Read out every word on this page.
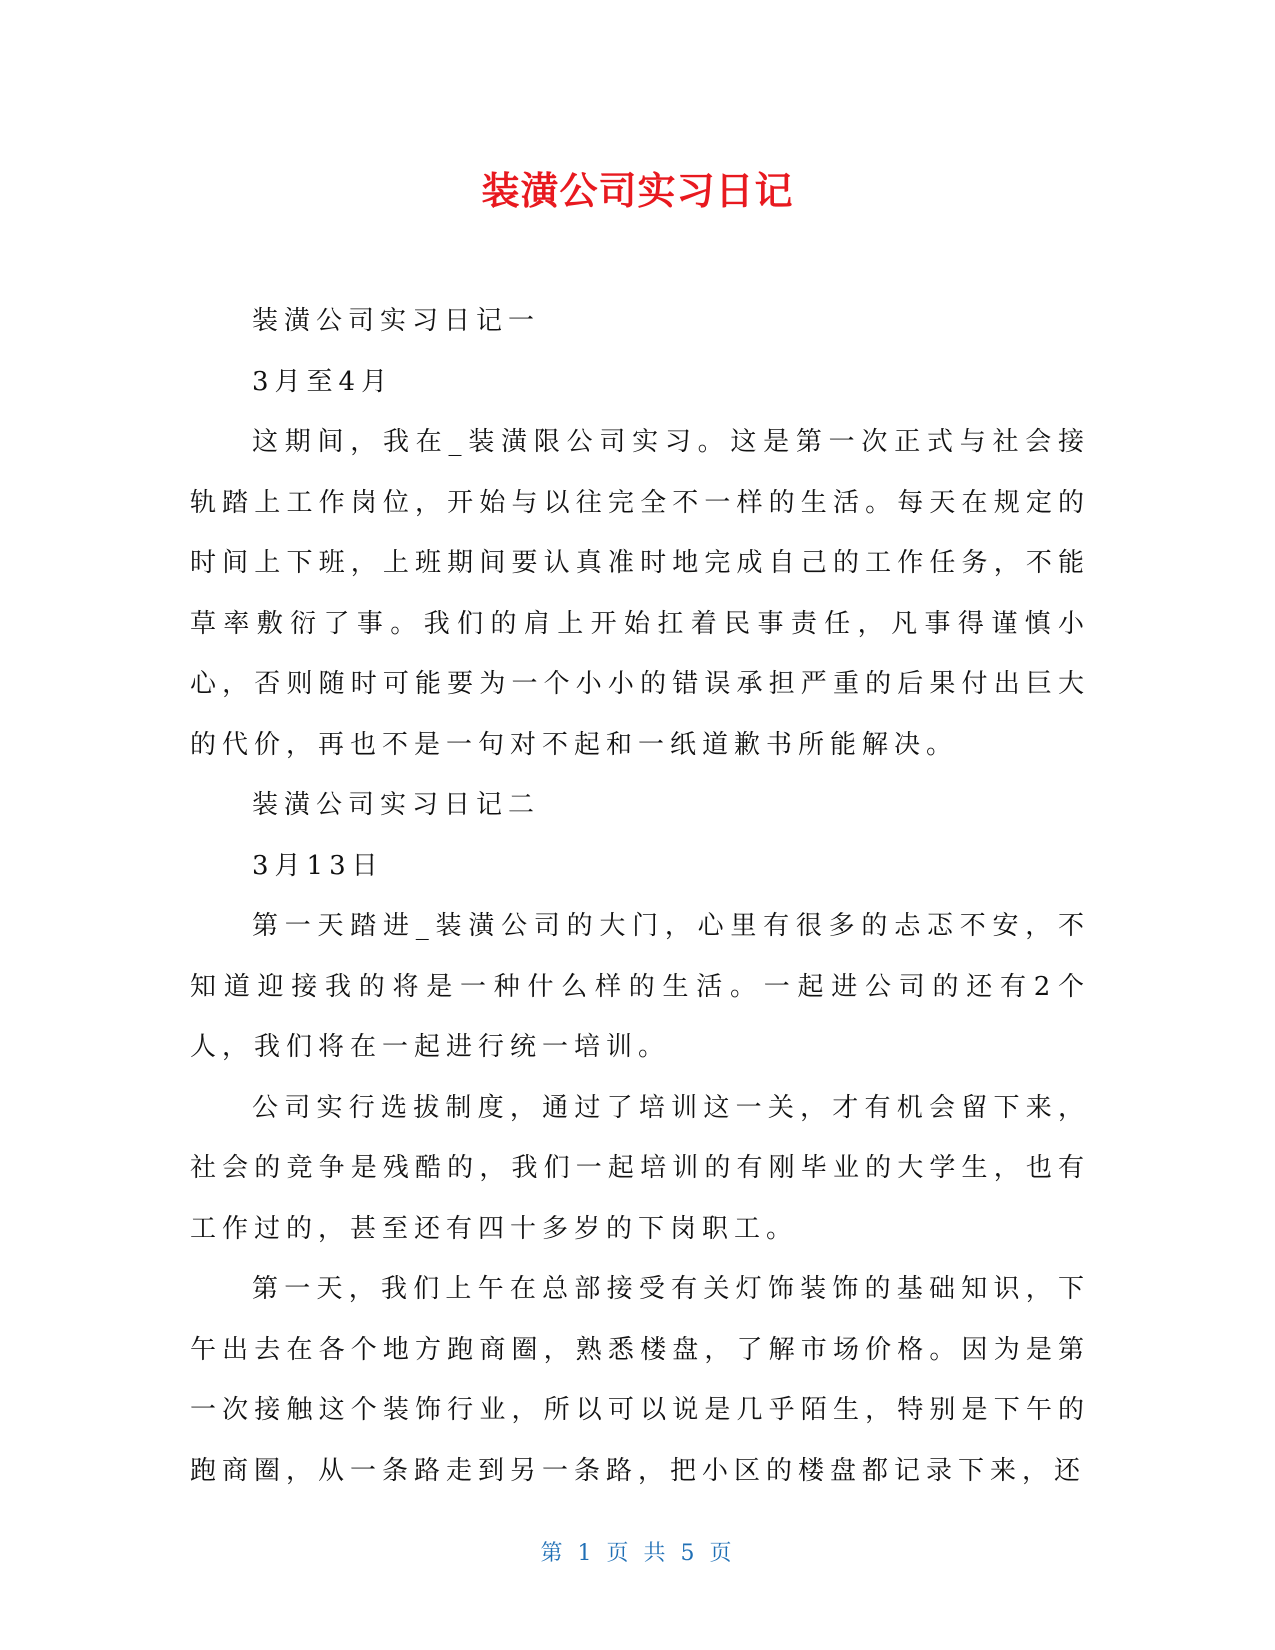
装潢公司实习日记

装潢公司实习日记一

3月至4月

这期间，我在_装潢限公司实习。这是第一次正式与社会接轨踏上工作岗位，开始与以往完全不一样的生活。每天在规定的时间上下班，上班期间要认真准时地完成自己的工作任务，不能草率敷衍了事。我们的肩上开始扛着民事责任，凡事得谨慎小心，否则随时可能要为一个小小的错误承担严重的后果付出巨大的代价，再也不是一句对不起和一纸道歉书所能解决。

装潢公司实习日记二

3月13日

第一天踏进_装潢公司的大门，心里有很多的忐忑不安，不知道迎接我的将是一种什么样的生活。一起进公司的还有2个人，我们将在一起进行统一培训。

公司实行选拔制度，通过了培训这一关，才有机会留下来，社会的竞争是残酷的，我们一起培训的有刚毕业的大学生，也有工作过的，甚至还有四十多岁的下岗职工。

第一天，我们上午在总部接受有关灯饰装饰的基础知识，下午出去在各个地方跑商圈，熟悉楼盘，了解市场价格。因为是第一次接触这个装饰行业，所以可以说是几乎陌生，特别是下午的跑商圈，从一条路走到另一条路，把小区的楼盘都记录下来，还

第 1 页 共 5 页
